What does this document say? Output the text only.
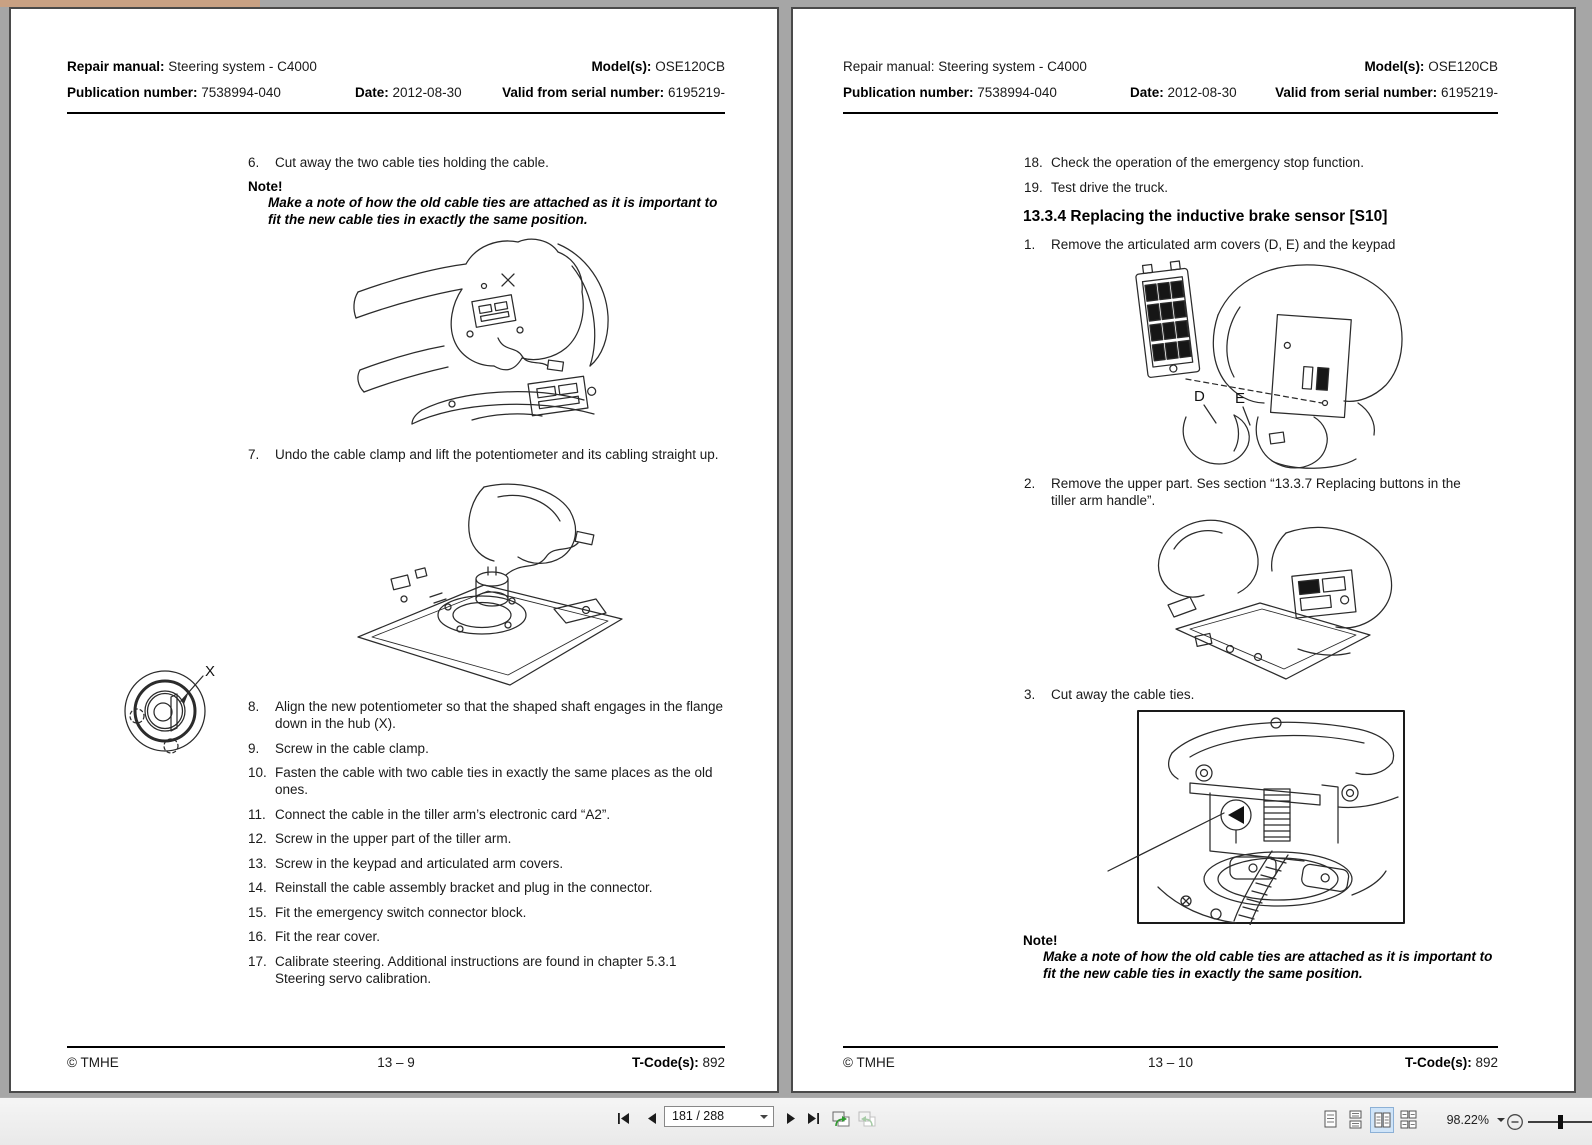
Repair manual: Steering system - C4000	Model(s): OSE120CB
Publication number: 7538994-040	Date: 2012-08-30	Valid from serial number: 6195219-
6.	Cut away the two cable ties holding the cable.
Note!
Make a note of how the old cable ties are attached as it is important to fit the new cable ties in exactly the same position.
7.	Undo the cable clamp and lift the potentiometer and its cabling straight up.
X
8.	Align the new potentiometer so that the shaped shaft engages in the flange down in the hub (X).
9.	Screw in the cable clamp.
10. Fasten the cable with two cable ties in exactly the same places as the old ones.
11. Connect the cable in the tiller arm’s electronic card “A2”.
12. Screw in the upper part of the tiller arm.
13. Screw in the keypad and articulated arm covers.
14. Reinstall the cable assembly bracket and plug in the connector.
15. Fit the emergency switch connector block.
16. Fit the rear cover.
17. Calibrate steering. Additional instructions are found in chapter 5.3.1 Steering servo calibration.
© TMHE	13 – 9	T-Code(s): 892
Repair manual: Steering system - C4000	Model(s): OSE120CB
Publication number: 7538994-040	Date: 2012-08-30	Valid from serial number: 6195219-
18. Check the operation of the emergency stop function.
19. Test drive the truck.
13.3.4 Replacing the inductive brake sensor [S10]
1.	Remove the articulated arm covers (D, E) and the keypad
D E
2.	Remove the upper part. Ses section “13.3.7 Replacing buttons in the tiller arm handle”.
3.	Cut away the cable ties.
Note!
Make a note of how the old cable ties are attached as it is important to fit the new cable ties in exactly the same position.
© TMHE	13 – 10	T-Code(s): 892
181 / 288	98.22%
